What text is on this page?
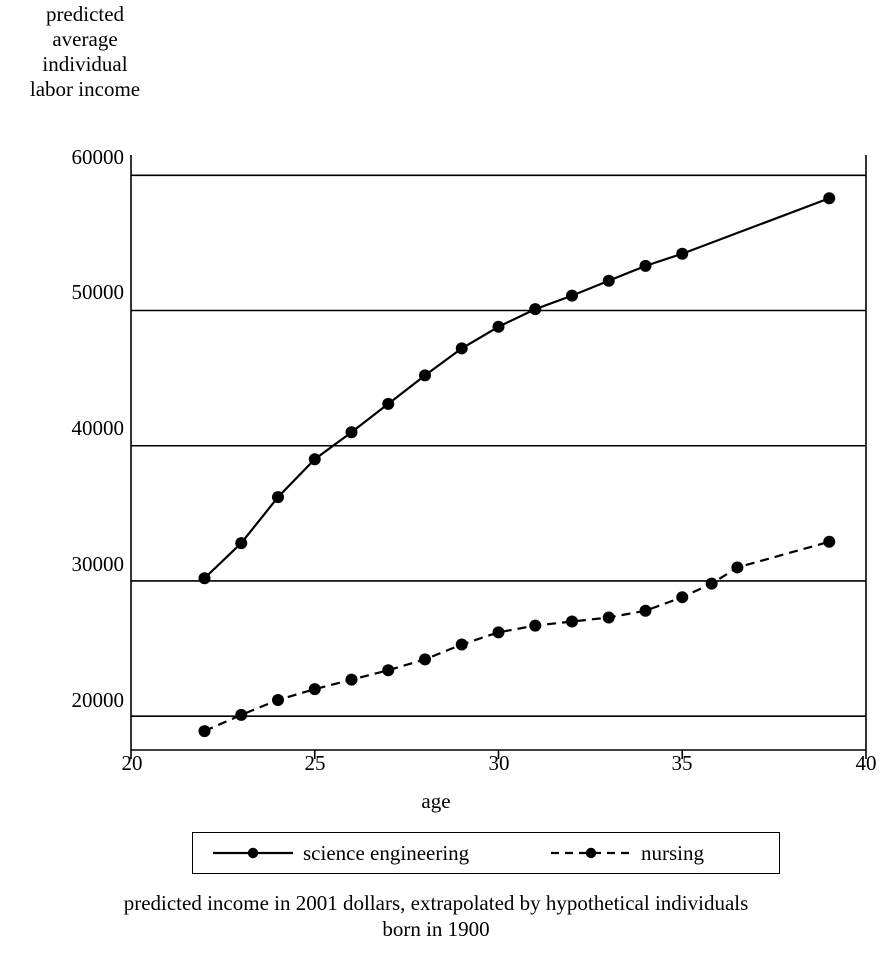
predicted
average
individual
labor income
60000
50000
40000
30000
20000
20	25	30	35	40
age
science engineering	nursing
predicted income in 2001 dollars, extrapolated by hypothetical individuals
born in 1900
